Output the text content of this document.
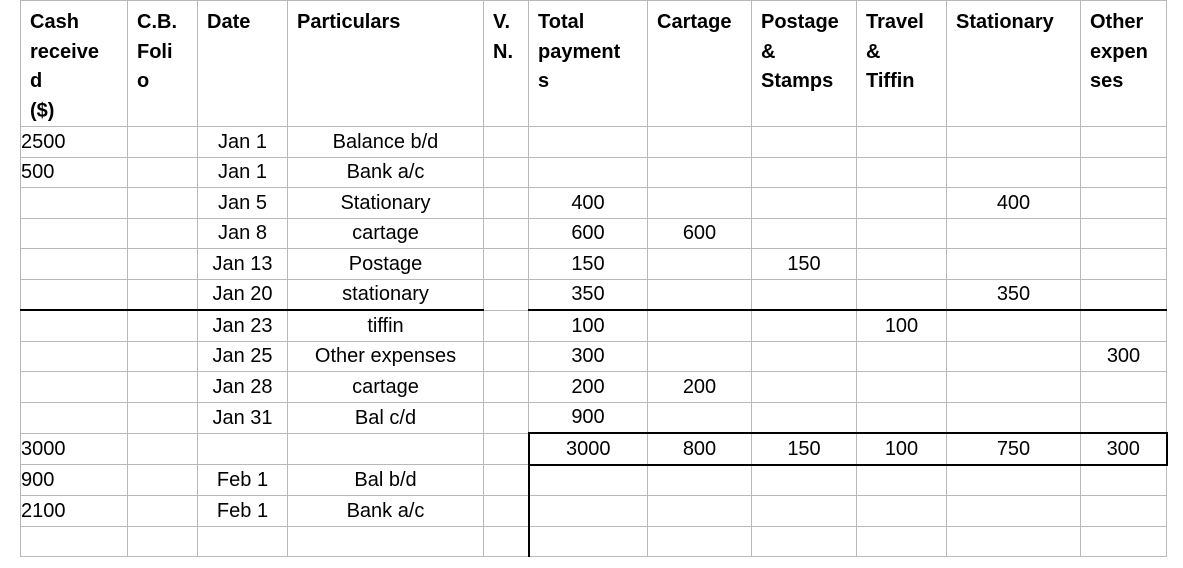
Cash
receive
d
($)	C.B.
Foli
o	Date	Particulars	V.
N.	Total
payment
s	Cartage	Postage
&
Stamps	Travel
&
Tiffin	Stationary	Other
expen
ses
2500		Jan 1	Balance b/d							
500		Jan 1	Bank a/c							
		Jan 5	Stationary		400				400	
		Jan 8	cartage		600	600				
		Jan 13	Postage		150		150			
		Jan 20	stationary		350				350	
		Jan 23	tiffin		100			100		
		Jan 25	Other expenses		300					300
		Jan 28	cartage		200	200				
		Jan 31	Bal c/d		900					
3000					3000	800	150	100	750	300
900		Feb 1	Bal b/d							
2100		Feb 1	Bank a/c							
